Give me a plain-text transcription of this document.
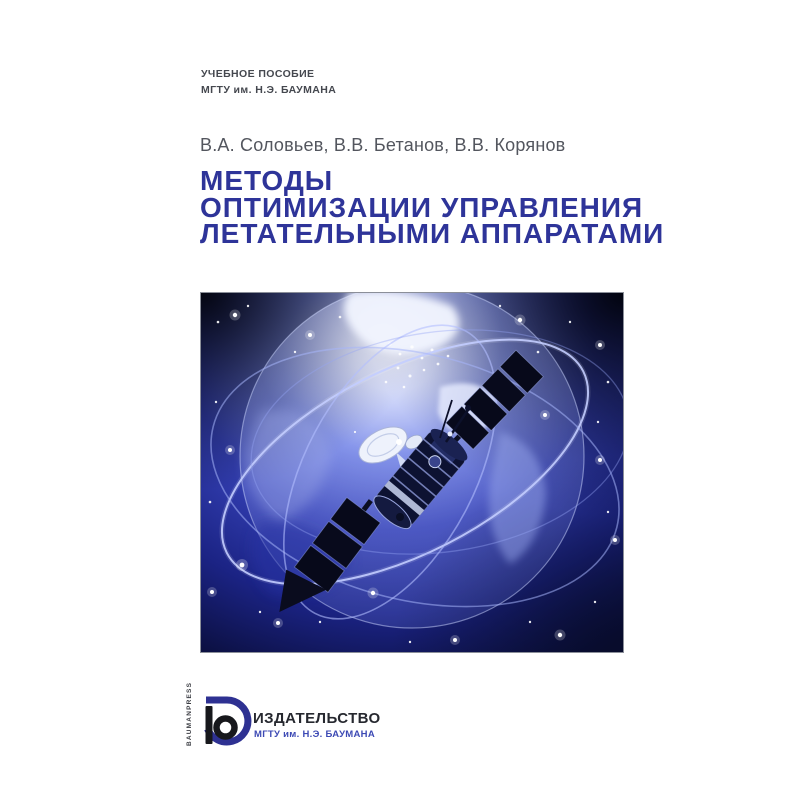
УЧЕБНОЕ ПОСОБИЕ
МГТУ им. Н.Э. БАУМАНА
В.А. Соловьев, В.В. Бетанов, В.В. Корянов
МЕТОДЫ
ОПТИМИЗАЦИИ УПРАВЛЕНИЯ
ЛЕТАТЕЛЬНЫМИ АППАРАТАМИ
BAUMANPRESS	ИЗДАТЕЛЬСТВО
МГТУ им. Н.Э. БАУМАНА
